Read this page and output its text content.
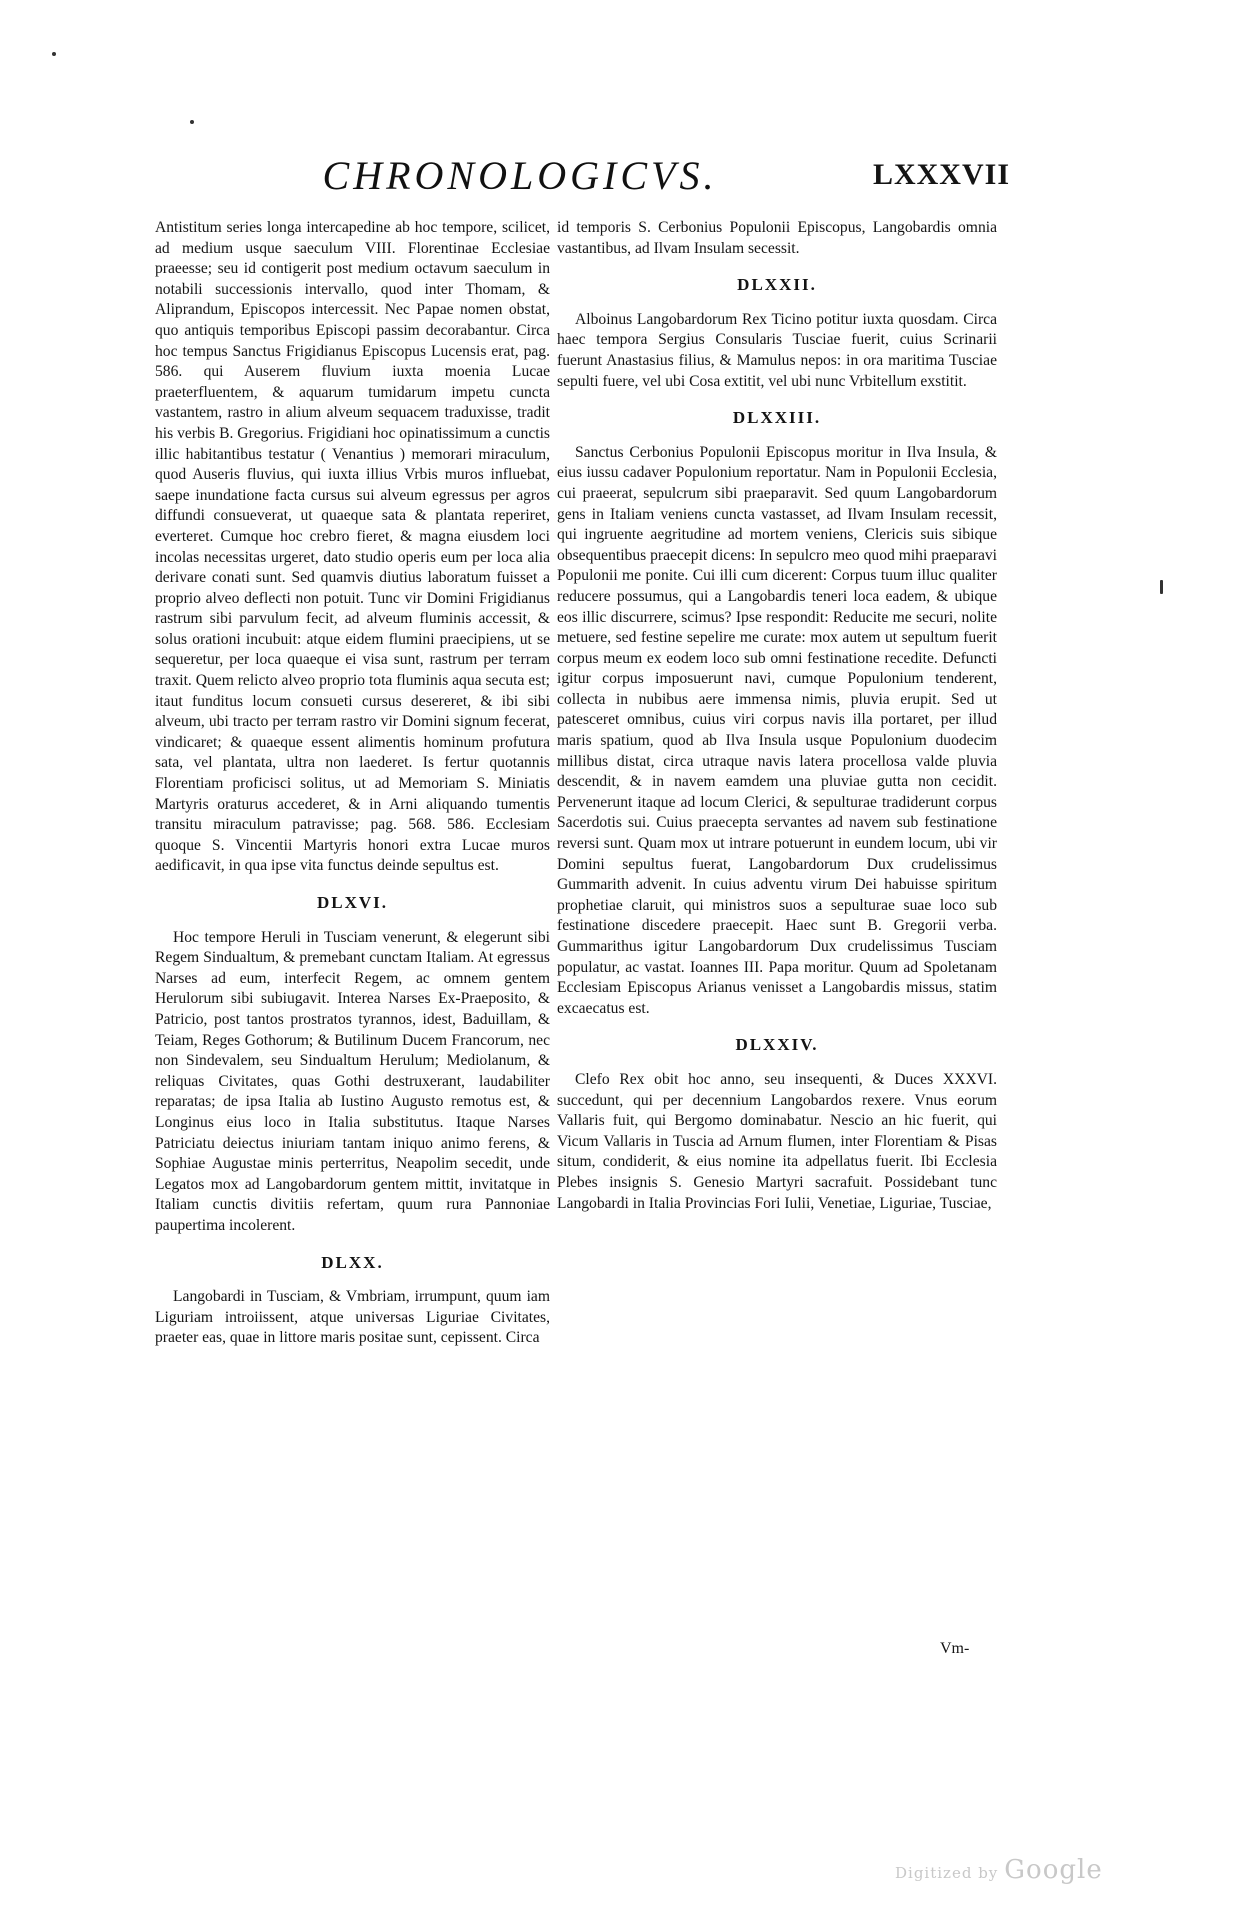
CHRONOLOGICVS.	LXXXVII

Antistitum series longa intercapedine ab hoc tempore, scilicet, ad medium usque saeculum VIII. Florentinae Ecclesiae praeesse; seu id contigerit post medium octavum saeculum in notabili successionis intervallo, quod inter Thomam, & Aliprandum, Episcopos intercessit. Nec Papae nomen obstat, quo antiquis temporibus Episcopi passim decorabantur. Circa hoc tempus Sanctus Frigidianus Episcopus Lucensis erat, pag. 586. qui Auserem fluvium iuxta moenia Lucae praeterfluentem, & aquarum tumidarum impetu cuncta vastantem, rastro in alium alveum sequacem traduxisse, tradit his verbis B. Gregorius. Frigidiani hoc opinatissimum a cunctis illic habitantibus testatur ( Venantius ) memorari miraculum, quod Auseris fluvius, qui iuxta illius Vrbis muros influebat, saepe inundatione facta cursus sui alveum egressus per agros diffundi consueverat, ut quaeque sata & plantata reperiret, everteret. Cumque hoc crebro fieret, & magna eiusdem loci incolas necessitas urgeret, dato studio operis eum per loca alia derivare conati sunt. Sed quamvis diutius laboratum fuisset a proprio alveo deflecti non potuit. Tunc vir Domini Frigidianus rastrum sibi parvulum fecit, ad alveum fluminis accessit, & solus orationi incubuit: atque eidem flumini praecipiens, ut se sequeretur, per loca quaeque ei visa sunt, rastrum per terram traxit. Quem relicto alveo proprio tota fluminis aqua secuta est; itaut funditus locum consueti cursus desereret, & ibi sibi alveum, ubi tracto per terram rastro vir Domini signum fecerat, vindicaret; & quaeque essent alimentis hominum profutura sata, vel plantata, ultra non laederet. Is fertur quotannis Florentiam proficisci solitus, ut ad Memoriam S. Miniatis Martyris oraturus accederet, & in Arni aliquando tumentis transitu miraculum patravisse; pag. 568. 586. Ecclesiam quoque S. Vincentii Martyris honori extra Lucae muros aedificavit, in qua ipse vita functus deinde sepultus est.

DLXVI.

Hoc tempore Heruli in Tusciam venerunt, & elegerunt sibi Regem Sindualtum, & premebant cunctam Italiam. At egressus Narses ad eum, interfecit Regem, ac omnem gentem Herulorum sibi subiugavit. Interea Narses Ex-Praeposito, & Patricio, post tantos prostratos tyrannos, idest, Baduillam, & Teiam, Reges Gothorum; & Butilinum Ducem Francorum, nec non Sindevalem, seu Sindualtum Herulum; Mediolanum, & reliquas Civitates, quas Gothi destruxerant, laudabiliter reparatas; de ipsa Italia ab Iustino Augusto remotus est, & Longinus eius loco in Italia substitutus. Itaque Narses Patriciatu deiectus iniuriam tantam iniquo animo ferens, & Sophiae Augustae minis perterritus, Neapolim secedit, unde Legatos mox ad Langobardorum gentem mittit, invitatque in Italiam cunctis divitiis refertam, quum rura Pannoniae paupertima incolerent.

DLXX.

Langobardi in Tusciam, & Vmbriam, irrumpunt, quum iam Liguriam introiissent, atque universas Liguriae Civitates, praeter eas, quae in littore maris positae sunt, cepissent. Circa

id temporis S. Cerbonius Populonii Episcopus, Langobardis omnia vastantibus, ad Ilvam Insulam secessit.

DLXXII.

Alboinus Langobardorum Rex Ticino potitur iuxta quosdam. Circa haec tempora Sergius Consularis Tusciae fuerit, cuius Scrinarii fuerunt Anastasius filius, & Mamulus nepos: in ora maritima Tusciae sepulti fuere, vel ubi Cosa extitit, vel ubi nunc Vrbitellum exstitit.

DLXXIII.

Sanctus Cerbonius Populonii Episcopus moritur in Ilva Insula, & eius iussu cadaver Populonium reportatur. Nam in Populonii Ecclesia, cui praeerat, sepulcrum sibi praeparavit. Sed quum Langobardorum gens in Italiam veniens cuncta vastasset, ad Ilvam Insulam recessit, qui ingruente aegritudine ad mortem veniens, Clericis suis sibique obsequentibus praecepit dicens: In sepulcro meo quod mihi praeparavi Populonii me ponite. Cui illi cum dicerent: Corpus tuum illuc qualiter reducere possumus, qui a Langobardis teneri loca eadem, & ubique eos illic discurrere, scimus? Ipse respondit: Reducite me securi, nolite metuere, sed festine sepelire me curate: mox autem ut sepultum fuerit corpus meum ex eodem loco sub omni festinatione recedite. Defuncti igitur corpus imposuerunt navi, cumque Populonium tenderent, collecta in nubibus aere immensa nimis, pluvia erupit. Sed ut patesceret omnibus, cuius viri corpus navis illa portaret, per illud maris spatium, quod ab Ilva Insula usque Populonium duodecim millibus distat, circa utraque navis latera procellosa valde pluvia descendit, & in navem eamdem una pluviae gutta non cecidit. Pervenerunt itaque ad locum Clerici, & sepulturae tradiderunt corpus Sacerdotis sui. Cuius praecepta servantes ad navem sub festinatione reversi sunt. Quam mox ut intrare potuerunt in eundem locum, ubi vir Domini sepultus fuerat, Langobardorum Dux crudelissimus Gummarith advenit. In cuius adventu virum Dei habuisse spiritum prophetiae claruit, qui ministros suos a sepulturae suae loco sub festinatione discedere praecepit. Haec sunt B. Gregorii verba. Gummarithus igitur Langobardorum Dux crudelissimus Tusciam populatur, ac vastat. Ioannes III. Papa moritur. Quum ad Spoletanam Ecclesiam Episcopus Arianus venisset a Langobardis missus, statim excaecatus est.

DLXXIV.

Clefo Rex obit hoc anno, seu insequenti, & Duces XXXVI. succedunt, qui per decennium Langobardos rexere. Vnus eorum Vallaris fuit, qui Bergomo dominabatur. Nescio an hic fuerit, qui Vicum Vallaris in Tuscia ad Arnum flumen, inter Florentiam & Pisas situm, condiderit, & eius nomine ita adpellatus fuerit. Ibi Ecclesia Plebes insignis S. Genesio Martyri sacrafuit. Possidebant tunc Langobardi in Italia Provincias Fori Iulii, Venetiae, Liguriae, Tusciae,

Vm-
Digitized by Google
